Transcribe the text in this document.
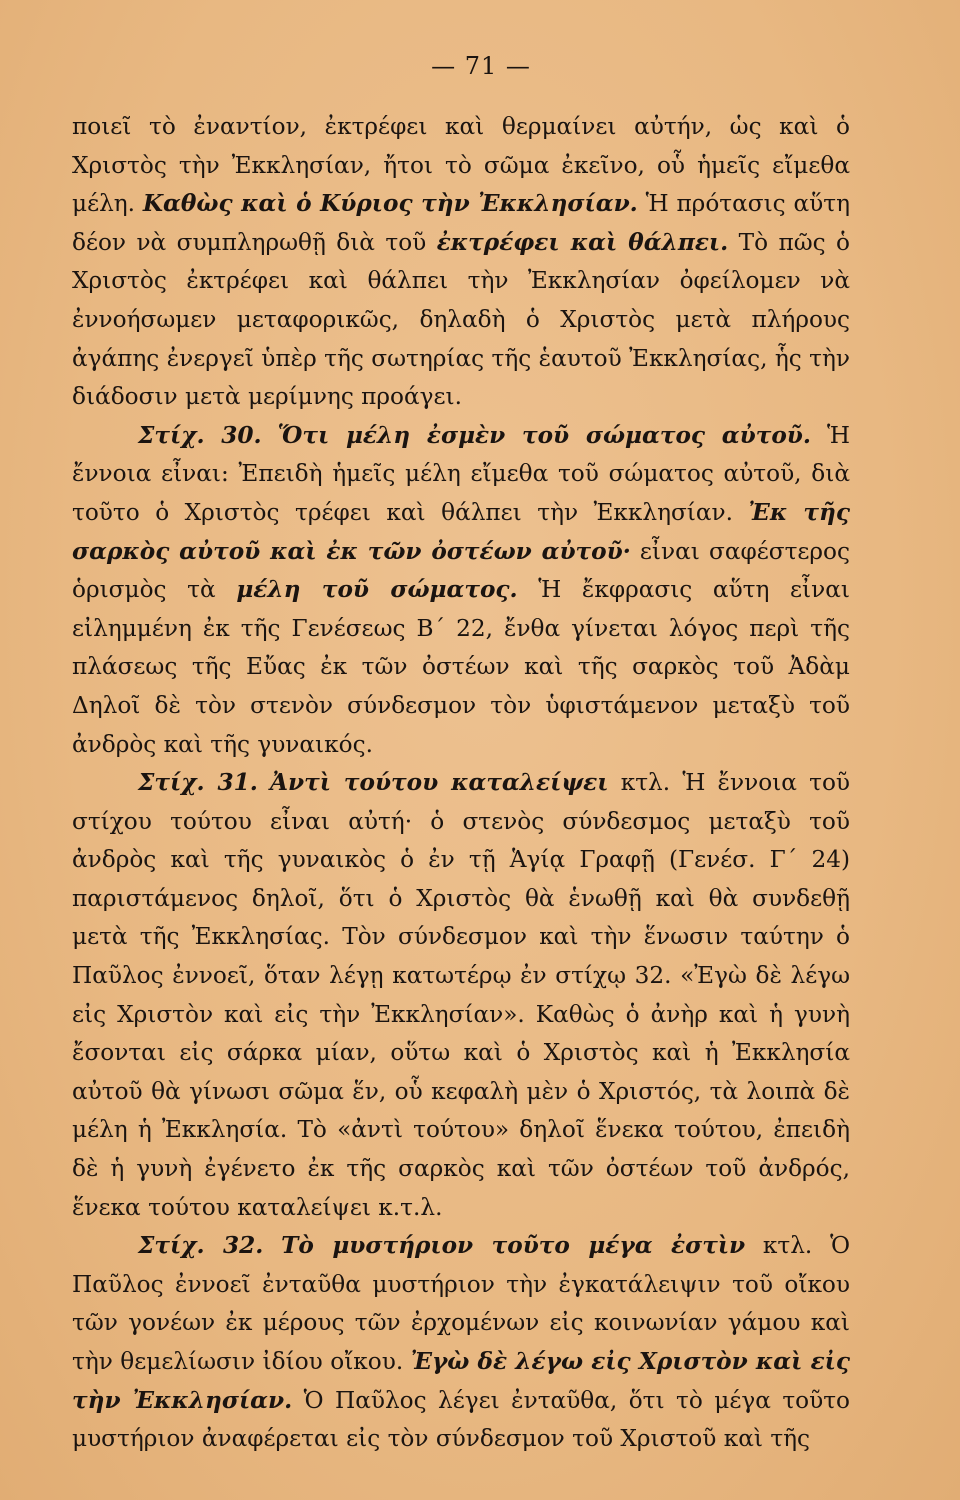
— 71 —

ποιεῖ τὸ ἐναντίον, ἐκτρέφει καὶ θερμαίνει αὐτήν, ὡς καὶ ὁ Χριστὸς τὴν Ἐκκλησίαν, ἤτοι τὸ σῶμα ἐκεῖνο, οὗ ἡμεῖς εἴμεθα μέλη. Καθὼς καὶ ὁ Κύριος τὴν Ἐκκλησίαν. Ἡ πρότασις αὕτη δέον νὰ συμπληρωθῇ διὰ τοῦ ἐκτρέφει καὶ θάλπει. Τὸ πῶς ὁ Χριστὸς ἐκτρέφει καὶ θάλπει τὴν Ἐκκλησίαν ὀφείλομεν νὰ ἐννοήσωμεν μεταφορικῶς, δηλαδὴ ὁ Χριστὸς μετὰ πλήρους ἀγάπης ἐνεργεῖ ὑπὲρ τῆς σωτηρίας τῆς ἑαυτοῦ Ἐκκλησίας, ἧς τὴν διάδοσιν μετὰ μερίμνης προάγει.

Στίχ. 30. Ὅτι μέλη ἐσμὲν τοῦ σώματος αὐτοῦ. Ἡ ἔννοια εἶναι: Ἐπειδὴ ἡμεῖς μέλη εἴμεθα τοῦ σώματος αὐτοῦ, διὰ τοῦτο ὁ Χριστὸς τρέφει καὶ θάλπει τὴν Ἐκκλησίαν. Ἐκ τῆς σαρκὸς αὐτοῦ καὶ ἐκ τῶν ὀστέων αὐτοῦ· εἶναι σαφέστερος ὁρισμὸς τὰ μέλη τοῦ σώματος. Ἡ ἔκφρασις αὕτη εἶναι εἰλημμένη ἐκ τῆς Γενέσεως Β΄ 22, ἔνθα γίνεται λόγος περὶ τῆς πλάσεως τῆς Εὔας ἐκ τῶν ὀστέων καὶ τῆς σαρκὸς τοῦ Ἀδὰμ Δηλοῖ δὲ τὸν στενὸν σύνδεσμον τὸν ὑφιστάμενον μεταξὺ τοῦ ἀνδρὸς καὶ τῆς γυναικός.

Στίχ. 31. Ἀντὶ τούτου καταλείψει κτλ. Ἡ ἔννοια τοῦ στίχου τούτου εἶναι αὐτή· ὁ στενὸς σύνδεσμος μεταξὺ τοῦ ἀνδρὸς καὶ τῆς γυναικὸς ὁ ἐν τῇ Ἁγίᾳ Γραφῇ (Γενέσ. Γ΄ 24) παριστάμενος δηλοῖ, ὅτι ὁ Χριστὸς θὰ ἑνωθῇ καὶ θὰ συνδεθῇ μετὰ τῆς Ἐκκλησίας. Τὸν σύνδεσμον καὶ τὴν ἕνωσιν ταύτην ὁ Παῦλος ἐννοεῖ, ὅταν λέγῃ κατωτέρῳ ἐν στίχῳ 32. «Ἐγὼ δὲ λέγω εἰς Χριστὸν καὶ εἰς τὴν Ἐκκλησίαν». Καθὼς ὁ ἀνὴρ καὶ ἡ γυνὴ ἔσονται εἰς σάρκα μίαν, οὕτω καὶ ὁ Χριστὸς καὶ ἡ Ἐκκλησία αὐτοῦ θὰ γίνωσι σῶμα ἕν, οὗ κεφαλὴ μὲν ὁ Χριστός, τὰ λοιπὰ δὲ μέλη ἡ Ἐκκλησία. Τὸ «ἀντὶ τούτου» δηλοῖ ἕνεκα τούτου, ἐπειδὴ δὲ ἡ γυνὴ ἐγένετο ἐκ τῆς σαρκὸς καὶ τῶν ὀστέων τοῦ ἀνδρός, ἕνεκα τούτου καταλείψει κ.τ.λ.

Στίχ. 32. Τὸ μυστήριον τοῦτο μέγα ἐστὶν κτλ. Ὁ Παῦλος ἐννοεῖ ἐνταῦθα μυστήριον τὴν ἐγκατάλειψιν τοῦ οἴκου τῶν γονέων ἐκ μέρους τῶν ἐρχομένων εἰς κοινωνίαν γάμου καὶ τὴν θεμελίωσιν ἰδίου οἴκου. Ἐγὼ δὲ λέγω εἰς Χριστὸν καὶ εἰς τὴν Ἐκκλησίαν. Ὁ Παῦλος λέγει ἐνταῦθα, ὅτι τὸ μέγα τοῦτο μυστήριον ἀναφέρεται εἰς τὸν σύνδεσμον τοῦ Χριστοῦ καὶ τῆς
